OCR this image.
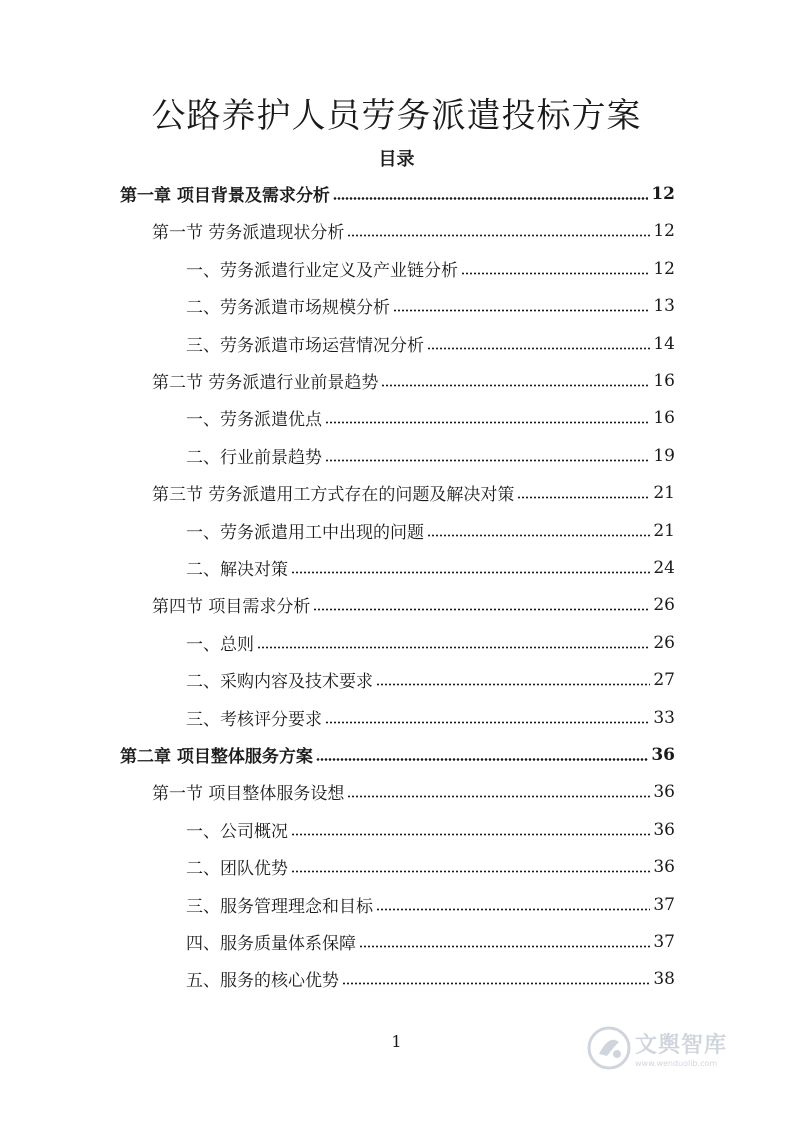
公路养护人员劳务派遣投标方案
目录
第一章 项目背景及需求分析	12
第一节 劳务派遣现状分析	12
一、劳务派遣行业定义及产业链分析	12
二、劳务派遣市场规模分析	13
三、劳务派遣市场运营情况分析	14
第二节 劳务派遣行业前景趋势	16
一、劳务派遣优点	16
二、行业前景趋势	19
第三节 劳务派遣用工方式存在的问题及解决对策	21
一、劳务派遣用工中出现的问题	21
二、解决对策	24
第四节 项目需求分析	26
一、总则	26
二、采购内容及技术要求	27
三、考核评分要求	33
第二章 项目整体服务方案	36
第一节 项目整体服务设想	36
一、公司概况	36
二、团队优势	36
三、服务管理理念和目标	37
四、服务质量体系保障	37
五、服务的核心优势	38
1	文舆智库
www.wenduolib.com
